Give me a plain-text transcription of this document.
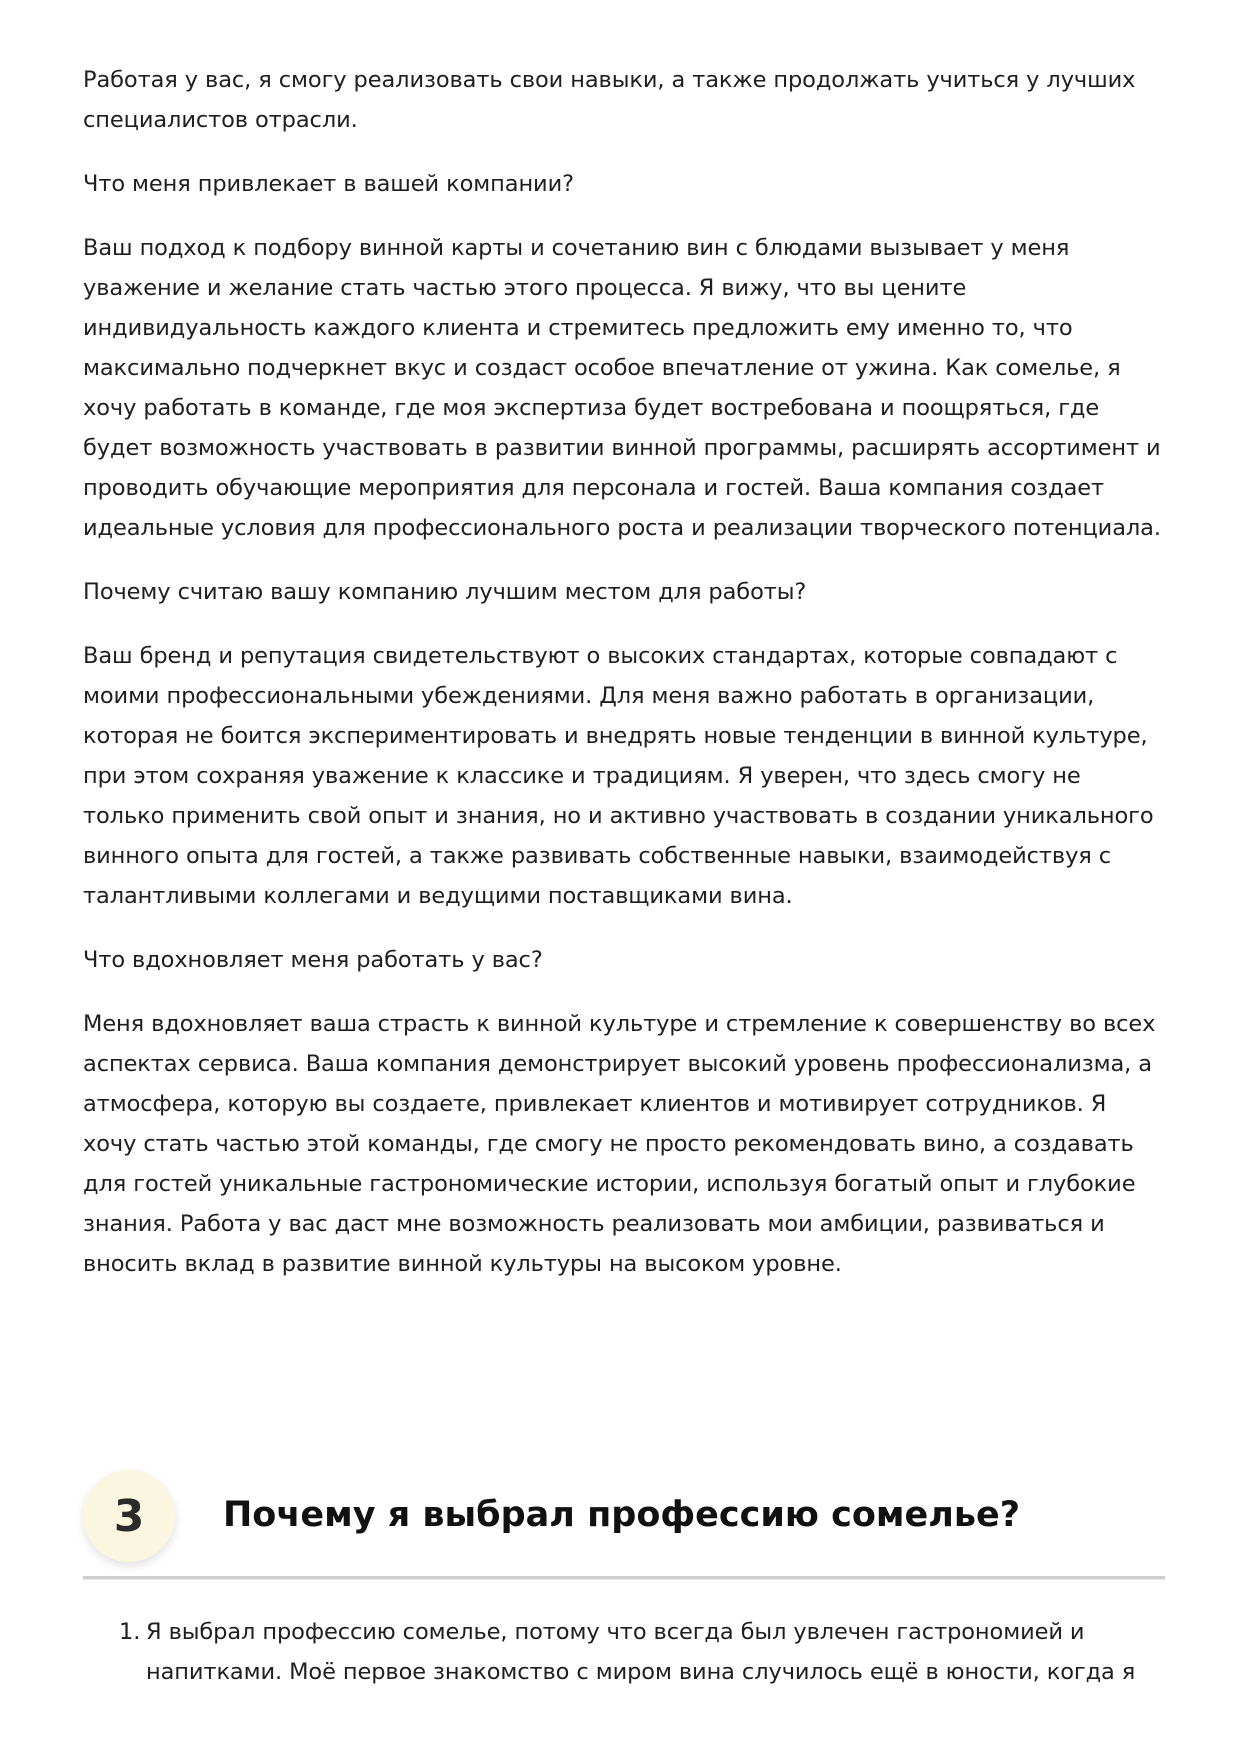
Работая у вас, я смогу реализовать свои навыки, а также продолжать учиться у лучших специалистов отрасли.

Что меня привлекает в вашей компании?

Ваш подход к подбору винной карты и сочетанию вин с блюдами вызывает у меня уважение и желание стать частью этого процесса. Я вижу, что вы цените индивидуальность каждого клиента и стремитесь предложить ему именно то, что максимально подчеркнет вкус и создаст особое впечатление от ужина. Как сомелье, я хочу работать в команде, где моя экспертиза будет востребована и поощряться, где будет возможность участвовать в развитии винной программы, расширять ассортимент и проводить обучающие мероприятия для персонала и гостей. Ваша компания создает идеальные условия для профессионального роста и реализации творческого потенциала.

Почему считаю вашу компанию лучшим местом для работы?

Ваш бренд и репутация свидетельствуют о высоких стандартах, которые совпадают с моими профессиональными убеждениями. Для меня важно работать в организации, которая не боится экспериментировать и внедрять новые тенденции в винной культуре, при этом сохраняя уважение к классике и традициям. Я уверен, что здесь смогу не только применить свой опыт и знания, но и активно участвовать в создании уникального винного опыта для гостей, а также развивать собственные навыки, взаимодействуя с талантливыми коллегами и ведущими поставщиками вина.

Что вдохновляет меня работать у вас?

Меня вдохновляет ваша страсть к винной культуре и стремление к совершенству во всех аспектах сервиса. Ваша компания демонстрирует высокий уровень профессионализма, а атмосфера, которую вы создаете, привлекает клиентов и мотивирует сотрудников. Я хочу стать частью этой команды, где смогу не просто рекомендовать вино, а создавать для гостей уникальные гастрономические истории, используя богатый опыт и глубокие знания. Работа у вас даст мне возможность реализовать мои амбиции, развиваться и вносить вклад в развитие винной культуры на высоком уровне.

3	Почему я выбрал профессию сомелье?
1. Я выбрал профессию сомелье, потому что всегда был увлечен гастрономией и напитками. Моё первое знакомство с миром вина случилось ещё в юности, когда я
